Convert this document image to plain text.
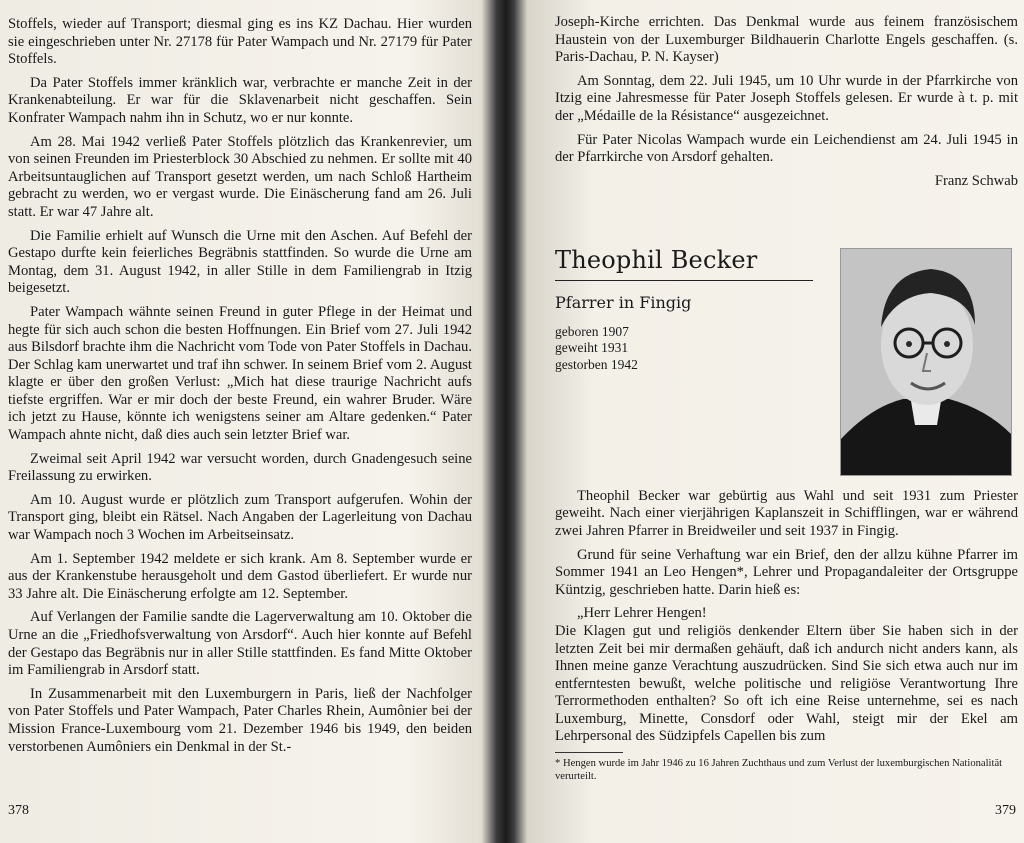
Stoffels, wieder auf Transport; diesmal ging es ins KZ Dachau. Hier wurden sie eingeschrieben unter Nr. 27178 für Pater Wampach und Nr. 27179 für Pater Stoffels.

Da Pater Stoffels immer kränklich war, verbrachte er manche Zeit in der Krankenabteilung. Er war für die Sklavenarbeit nicht geschaffen. Sein Konfrater Wampach nahm ihn in Schutz, wo er nur konnte.

Am 28. Mai 1942 verließ Pater Stoffels plötzlich das Krankenrevier, um von seinen Freunden im Priesterblock 30 Abschied zu nehmen. Er sollte mit 40 Arbeitsuntauglichen auf Transport gesetzt werden, um nach Schloß Hartheim gebracht zu werden, wo er vergast wurde. Die Einäscherung fand am 26. Juli statt. Er war 47 Jahre alt.

Die Familie erhielt auf Wunsch die Urne mit den Aschen. Auf Befehl der Gestapo durfte kein feierliches Begräbnis stattfinden. So wurde die Urne am Montag, dem 31. August 1942, in aller Stille in dem Familiengrab in Itzig beigesetzt.

Pater Wampach wähnte seinen Freund in guter Pflege in der Heimat und hegte für sich auch schon die besten Hoffnungen. Ein Brief vom 27. Juli 1942 aus Bilsdorf brachte ihm die Nachricht vom Tode von Pater Stoffels in Dachau. Der Schlag kam unerwartet und traf ihn schwer. In seinem Brief vom 2. August klagte er über den großen Verlust: „Mich hat diese traurige Nachricht aufs tiefste ergriffen. War er mir doch der beste Freund, ein wahrer Bruder. Wäre ich jetzt zu Hause, könnte ich wenigstens seiner am Altare gedenken.“ Pater Wampach ahnte nicht, daß dies auch sein letzter Brief war.

Zweimal seit April 1942 war versucht worden, durch Gnadengesuch seine Freilassung zu erwirken.

Am 10. August wurde er plötzlich zum Transport aufgerufen. Wohin der Transport ging, bleibt ein Rätsel. Nach Angaben der Lagerleitung von Dachau war Wampach noch 3 Wochen im Arbeitseinsatz.

Am 1. September 1942 meldete er sich krank. Am 8. September wurde er aus der Krankenstube herausgeholt und dem Gastod überliefert. Er wurde nur 33 Jahre alt. Die Einäscherung erfolgte am 12. September.

Auf Verlangen der Familie sandte die Lagerverwaltung am 10. Oktober die Urne an die „Friedhofsverwaltung von Arsdorf“. Auch hier konnte auf Befehl der Gestapo das Begräbnis nur in aller Stille stattfinden. Es fand Mitte Oktober im Familiengrab in Arsdorf statt.

In Zusammenarbeit mit den Luxemburgern in Paris, ließ der Nachfolger von Pater Stoffels und Pater Wampach, Pater Charles Rhein, Aumônier bei der Mission France-Luxembourg vom 21. Dezember 1946 bis 1949, den beiden verstorbenen Aumôniers ein Denkmal in der St.-

378

Joseph-Kirche errichten. Das Denkmal wurde aus feinem französischem Haustein von der Luxemburger Bildhauerin Charlotte Engels geschaffen. (s. Paris-Dachau, P. N. Kayser)

Am Sonntag, dem 22. Juli 1945, um 10 Uhr wurde in der Pfarrkirche von Itzig eine Jahresmesse für Pater Joseph Stoffels gelesen. Er wurde à t. p. mit der „Médaille de la Résistance“ ausgezeichnet.

Für Pater Nicolas Wampach wurde ein Leichendienst am 24. Juli 1945 in der Pfarrkirche von Arsdorf gehalten.

Franz Schwab
Theophil Becker
Pfarrer in Fingig
geboren 1907
geweiht 1931
gestorben 1942

Theophil Becker war gebürtig aus Wahl und seit 1931 zum Priester geweiht. Nach einer vierjährigen Kaplanszeit in Schifflingen, war er während zwei Jahren Pfarrer in Breidweiler und seit 1937 in Fingig.

Grund für seine Verhaftung war ein Brief, den der allzu kühne Pfarrer im Sommer 1941 an Leo Hengen*, Lehrer und Propagandaleiter der Ortsgruppe Küntzig, geschrieben hatte. Darin hieß es:

„Herr Lehrer Hengen!

Die Klagen gut und religiös denkender Eltern über Sie haben sich in der letzten Zeit bei mir dermaßen gehäuft, daß ich andurch nicht anders kann, als Ihnen meine ganze Verachtung auszudrücken. Sind Sie sich etwa auch nur im entferntesten bewußt, welche politische und religiöse Verantwortung Ihre Terrormethoden enthalten? So oft ich eine Reise unternehme, sei es nach Luxemburg, Minette, Consdorf oder Wahl, steigt mir der Ekel am Lehrpersonal des Südzipfels Capellen bis zum

* Hengen wurde im Jahr 1946 zu 16 Jahren Zuchthaus und zum Verlust der luxemburgischen Nationalität verurteilt.
379
